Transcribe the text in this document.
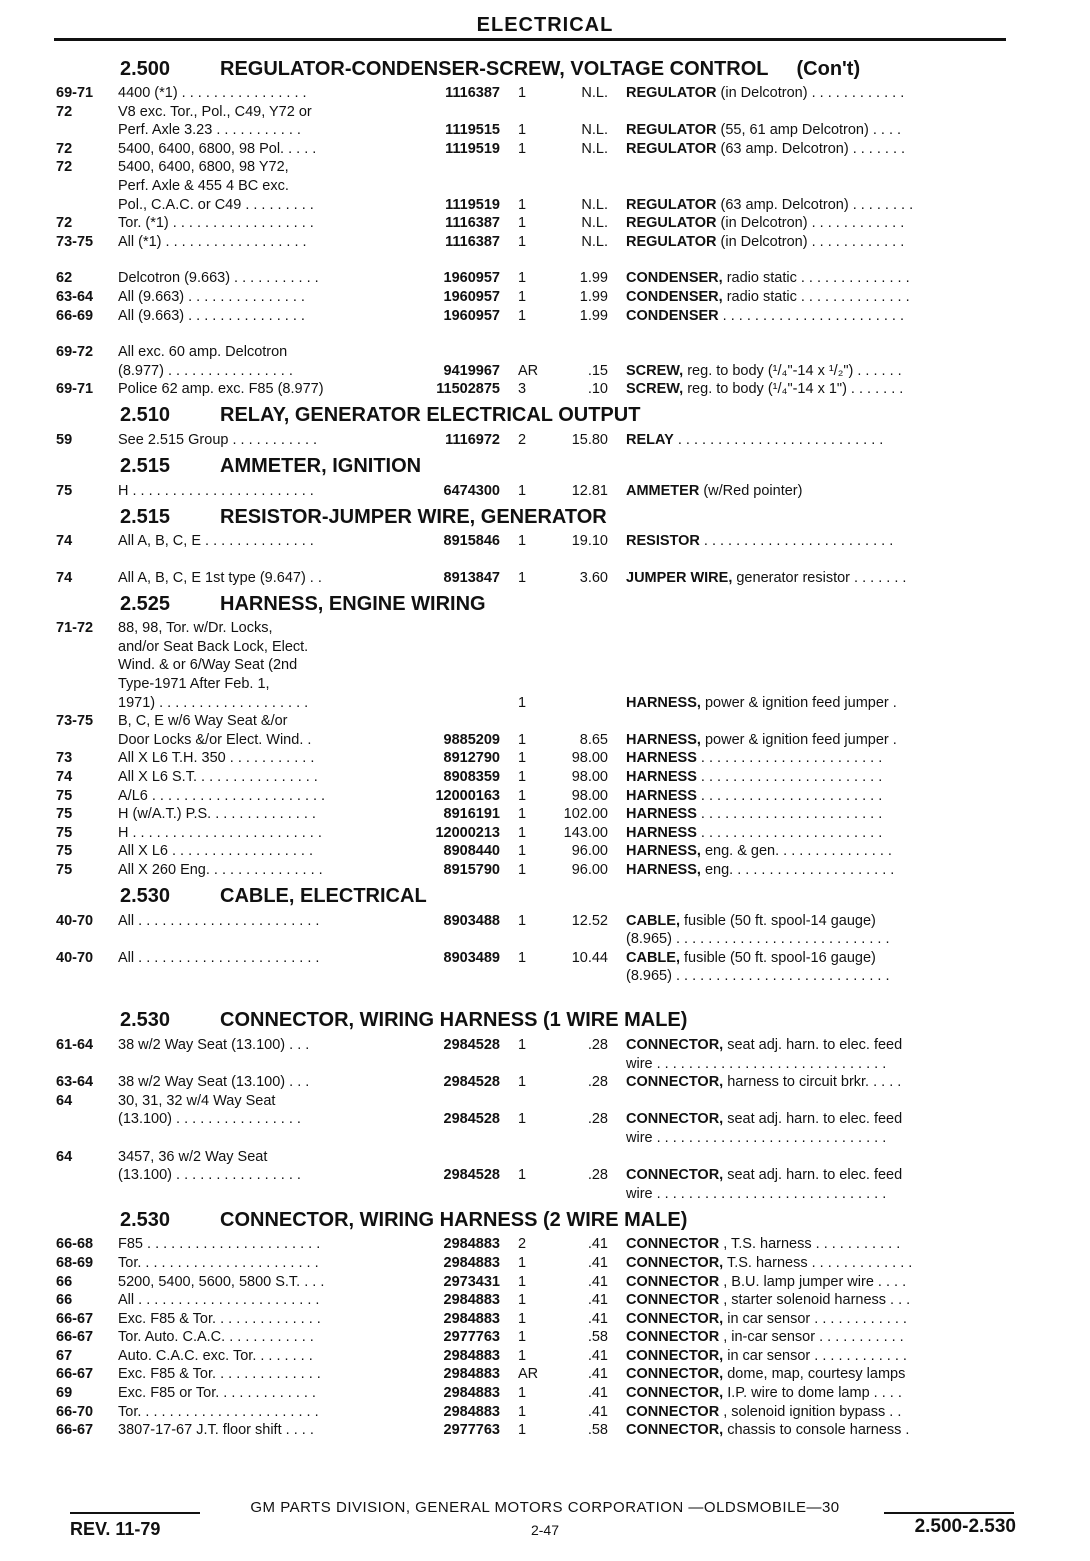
ELECTRICAL
2.500	REGULATOR-CONDENSER-SCREW, VOLTAGE CONTROL (Con't)
69-71	4400 (*1) . . . . . . . . . . . . . . . .	1116387	1	N.L.	REGULATOR (in Delcotron) . . . . . . . . . . . .
72	V8 exc. Tor., Pol., C49, Y72 or
Perf. Axle 3.23 . . . . . . . . . . .	1119515	1	N.L.	REGULATOR (55, 61 amp Delcotron) . . . .
72	5400, 6400, 6800, 98 Pol. . . . .	1119519	1	N.L.	REGULATOR (63 amp. Delcotron) . . . . . . .
72	5400, 6400, 6800, 98 Y72,
Perf. Axle & 455 4 BC exc.
Pol., C.A.C. or C49 . . . . . . . . .	1119519	1	N.L.	REGULATOR (63 amp. Delcotron) . . . . . . . .
72	Tor. (*1) . . . . . . . . . . . . . . . . . .	1116387	1	N.L.	REGULATOR (in Delcotron) . . . . . . . . . . . .
73-75	All (*1) . . . . . . . . . . . . . . . . . .	1116387	1	N.L.	REGULATOR (in Delcotron) . . . . . . . . . . . .
62	Delcotron (9.663) . . . . . . . . . . .	1960957	1	1.99	CONDENSER, radio static . . . . . . . . . . . . . .
63-64	All (9.663) . . . . . . . . . . . . . . .	1960957	1	1.99	CONDENSER, radio static . . . . . . . . . . . . . .
66-69	All (9.663) . . . . . . . . . . . . . . .	1960957	1	1.99	CONDENSER . . . . . . . . . . . . . . . . . . . . . . .
69-72	All exc. 60 amp. Delcotron
(8.977) . . . . . . . . . . . . . . . .	9419967	AR	.15	SCREW, reg. to body (¹/₄"-14 x ¹/₂") . . . . . .
69-71	Police 62 amp. exc. F85 (8.977)	11502875	3	.10	SCREW, reg. to body (¹/₄"-14 x 1") . . . . . . .
2.510	RELAY, GENERATOR ELECTRICAL OUTPUT
59	See 2.515 Group . . . . . . . . . . .	1116972	2	15.80	RELAY . . . . . . . . . . . . . . . . . . . . . . . . . .
2.515	AMMETER, IGNITION
75	H . . . . . . . . . . . . . . . . . . . . . . .	6474300	1	12.81	AMMETER (w/Red pointer)
2.515	RESISTOR-JUMPER WIRE, GENERATOR
74	All A, B, C, E . . . . . . . . . . . . . .	8915846	1	19.10	RESISTOR . . . . . . . . . . . . . . . . . . . . . . . .
74	All A, B, C, E 1st type (9.647) . .	8913847	1	3.60	JUMPER WIRE, generator resistor . . . . . . .
2.525	HARNESS, ENGINE WIRING
71-72	88, 98, Tor. w/Dr. Locks,
and/or Seat Back Lock, Elect.
Wind. & or 6/Way Seat (2nd
Type-1971 After Feb. 1,
1971) . . . . . . . . . . . . . . . . . . .	1	HARNESS, power & ignition feed jumper .
73-75	B, C, E w/6 Way Seat &/or
Door Locks &/or Elect. Wind. .	9885209	1	8.65	HARNESS, power & ignition feed jumper .
73	All X L6 T.H. 350 . . . . . . . . . . .	8912790	1	98.00	HARNESS . . . . . . . . . . . . . . . . . . . . . . .
74	All X L6 S.T. . . . . . . . . . . . . . . .	8908359	1	98.00	HARNESS . . . . . . . . . . . . . . . . . . . . . . .
75	A/L6 . . . . . . . . . . . . . . . . . . . . . .	12000163	1	98.00	HARNESS . . . . . . . . . . . . . . . . . . . . . . .
75	H (w/A.T.) P.S. . . . . . . . . . . . . .	8916191	1	102.00	HARNESS . . . . . . . . . . . . . . . . . . . . . . .
75	H . . . . . . . . . . . . . . . . . . . . . . . .	12000213	1	143.00	HARNESS . . . . . . . . . . . . . . . . . . . . . . .
75	All X L6 . . . . . . . . . . . . . . . . . .	8908440	1	96.00	HARNESS, eng. & gen. . . . . . . . . . . . . . .
75	All X 260 Eng. . . . . . . . . . . . . . .	8915790	1	96.00	HARNESS, eng. . . . . . . . . . . . . . . . . . . . .
2.530	CABLE, ELECTRICAL
40-70	All . . . . . . . . . . . . . . . . . . . . . . .	8903488	1	12.52	CABLE, fusible (50 ft. spool-14 gauge)
(8.965) . . . . . . . . . . . . . . . . . . . . . . . . . . .
40-70	All . . . . . . . . . . . . . . . . . . . . . . .	8903489	1	10.44	CABLE, fusible (50 ft. spool-16 gauge)
(8.965) . . . . . . . . . . . . . . . . . . . . . . . . . . .
2.530	CONNECTOR, WIRING HARNESS (1 WIRE MALE)
61-64	38 w/2 Way Seat (13.100) . . .	2984528	1	.28	CONNECTOR, seat adj. harn. to elec. feed
wire . . . . . . . . . . . . . . . . . . . . . . . . . . . . .
63-64	38 w/2 Way Seat (13.100) . . .	2984528	1	.28	CONNECTOR, harness to circuit brkr. . . . .
64	30, 31, 32 w/4 Way Seat
(13.100) . . . . . . . . . . . . . . . .	2984528	1	.28	CONNECTOR, seat adj. harn. to elec. feed
wire . . . . . . . . . . . . . . . . . . . . . . . . . . . . .
64	3457, 36 w/2 Way Seat
(13.100) . . . . . . . . . . . . . . . .	2984528	1	.28	CONNECTOR, seat adj. harn. to elec. feed
wire . . . . . . . . . . . . . . . . . . . . . . . . . . . . .
2.530	CONNECTOR, WIRING HARNESS (2 WIRE MALE)
66-68	F85 . . . . . . . . . . . . . . . . . . . . . .	2984883	2	.41	CONNECTOR , T.S. harness . . . . . . . . . . .
68-69	Tor. . . . . . . . . . . . . . . . . . . . . . .	2984883	1	.41	CONNECTOR, T.S. harness . . . . . . . . . . . . .
66	5200, 5400, 5600, 5800 S.T. . . .	2973431	1	.41	CONNECTOR , B.U. lamp jumper wire . . . .
66	All . . . . . . . . . . . . . . . . . . . . . . .	2984883	1	.41	CONNECTOR , starter solenoid harness . . .
66-67	Exc. F85 & Tor. . . . . . . . . . . . . .	2984883	1	.41	CONNECTOR, in car sensor . . . . . . . . . . . .
66-67	Tor. Auto. C.A.C. . . . . . . . . . . .	2977763	1	.58	CONNECTOR , in-car sensor . . . . . . . . . . .
67	Auto. C.A.C. exc. Tor. . . . . . . .	2984883	1	.41	CONNECTOR, in car sensor . . . . . . . . . . . .
66-67	Exc. F85 & Tor. . . . . . . . . . . . . .	2984883	AR	.41	CONNECTOR, dome, map, courtesy lamps
69	Exc. F85 or Tor. . . . . . . . . . . . .	2984883	1	.41	CONNECTOR, I.P. wire to dome lamp . . . .
66-70	Tor. . . . . . . . . . . . . . . . . . . . . . .	2984883	1	.41	CONNECTOR , solenoid ignition bypass . .
66-67	3807-17-67 J.T. floor shift . . . .	2977763	1	.58	CONNECTOR, chassis to console harness .
GM PARTS DIVISION, GENERAL MOTORS CORPORATION —OLDSMOBILE—30
REV. 11-79	2-47	2.500-2.530
